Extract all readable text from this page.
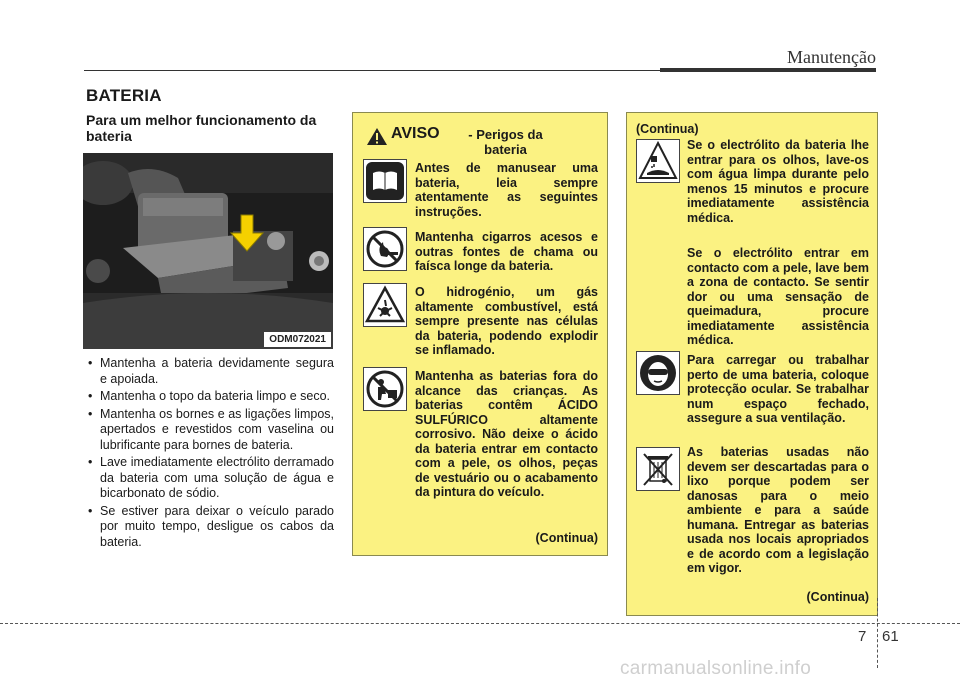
Manutenção
BATERIA
Para um melhor funcionamento da bateria
ODM072021
• Mantenha a bateria devidamente segura e apoiada.
• Mantenha o topo da bateria limpo e seco.
• Mantenha os bornes e as ligações limpos, apertados e revestidos com vaselina ou lubrificante para bornes de bateria.
• Lave imediatamente electrólito derramado da bateria com uma solução de água e bicarbonato de sódio.
• Se estiver para deixar o veículo parado por muito tempo, desligue os cabos da bateria.
AVISO	- Perigos da bateria
Antes de manusear uma bateria, leia sempre atentamente as seguintes instruções.
Mantenha cigarros acesos e outras fontes de chama ou faísca longe da bateria.
O hidrogénio, um gás altamente combustível, está sempre presente nas células da bateria, podendo explodir se inflamado.
Mantenha as baterias fora do alcance das crianças. As baterias contêm ÁCIDO SULFÚRICO altamente corrosivo. Não deixe o ácido da bateria entrar em contacto com a pele, os olhos, peças de vestuário ou o acabamento da pintura do veículo.
(Continua)
(Continua)
Se o electrólito da bateria lhe entrar para os olhos, lave-os com água limpa durante pelo menos 15 minutos e procure imediatamente assistência médica.
Se o electrólito entrar em contacto com a pele, lave bem a zona de contacto. Se sentir dor ou uma sensação de queimadura, procure imediatamente assistência médica.
Para carregar ou trabalhar perto de uma bateria, coloque protecção ocular. Se trabalhar num espaço fechado, assegure a sua ventilação.
As baterias usadas não devem ser descartadas para o lixo porque podem ser danosas para o meio ambiente e para a saúde humana. Entregar as baterias usada nos locais apropriados e de acordo com a legislação em vigor.
(Continua)
7 61
carmanualsonline.info
